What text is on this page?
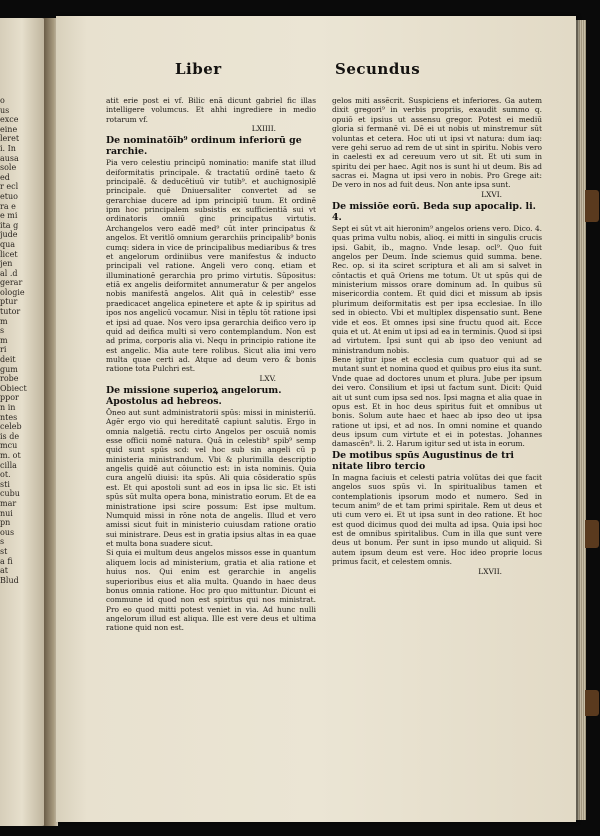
o
us
exce
eine
leret
i. In
ausa
sole
ed
r ecl
etuo
ra e
e mi
ita g
jude
qua
licet
jen
al .d
gerar
ologie
ptur
tutor
m
s
m
ri
deit
gum
robe
Obiect
ppor
n in
ntes
celeb
is de
mcu
m. ot
cilla
ot.
sti
cubu
mar
nui
pn
ous
s
st
a fi
at
Blud
Liber	Secundus

atit erie post ei vf. Bilic enā dicunt gabriel fic illas intelligere volumcus. Et ahhi ingrediere in medio rotarum vf.

LXIIII.

De nominatōīb⁹ ordinum inferiorū ge rarchie.

Pia vero celestiu principū nominatio: manife stat illud deiformitatis principale. & tractatiū ordinē taeto & principalē. & deducētiuū vir tutib⁹. et auchignosiplē principale. quē Dniuersaliter convertet ad se gerarchiae ducere ad ipm principiū tuum. Et ordinē ipm hoc principalem subsistis ex sufficientiā sui vt ordinatoris omniū ginc principatus virtutis. Archangelos vero eadē med⁹ cūt inter principatus & angelos. Et veritlō omnium gerarchiis principalib⁹ bonis cumq: sidera in vice de principalibus mediaribus & tres et angelorum ordiniibus vere manifestus & inducto principali vel ratione. Angeli vero conq. etiam et illuminationē gerarchia pro primo virtutis. Sūpositus: etiā ex angelis deiformitet annumeratur & per angelos nobis manifestā angelos. Alit quā in celestib⁹ esse praedicacet angelica epinetere et apte & ip spiritus ad ipos nos angelicū vocamur. Nisi in tēplu tōt ratione ipsi et ipsi ad quae. Nos vero ipsa gerarchia deifico vero ip quid ad deifica multi si vero contemplandum. Non est ad prima, corporis alia vi. Nequ in principio ratione ite est angelic. Mia aute tere rolibus. Sicut alia imi vero multa quae certi ad. Atque ad deum vero & bonis ratione tota Pulchri est.

LXV.

De missione superioꝝ angelorum. Apostolus ad hebreos.

Ōneo aut sunt administratorii spūs: missi in ministeriū. Agēr ergo vio qui hereditatē capiunt salutis. Ergo in omnia nalgetiā. rectu cirto Angelos per oscuiā nomis esse officii nomē natura. Quā in celestib⁹ spib⁹ semp quid sunt spūs scd: vel hoc sub sin angeli cū p ministeria ministrandum. Vbi & plurimilla descriptio angelis quidē aut cōiunctio est: in ista nominis. Quia cura angelū diuisi: ita spūs. Ali quia cōsideratio spūs est. Et qui apostoli sunt ad eos in ipsa lic sic. Et isti spūs sūt multa opera bona, ministratio eorum. Et de ea ministratione ipsi scire possum: Est ipse multum. Numquid missi in rōne nota de angelis. Illud et vero amissi sicut fuit in ministerio cuiusdam ratione oratio sui ministrare. Deus est in gratia ipsius altas in ea quae et multa bona suadere sicut.

Si quia ei multum deus angelos missos esse in quantum aliquem locis ad ministerium, gratia et alia ratione et huius nos. Qui enim est gerarchie in angelis superioribus eius et alia multa. Quando in haec deus bonus omnia ratione. Hoc pro quo mittuntur. Dicunt ei commune id quod non est spiritus qui nos ministrat. Pro eo quod mitti potest veniet in via. Ad hunc nulli angelorum illud est aliqua. Ille est vere deus et ultima ratione quid non est.

gelos miti assēcrit. Suspiciens et inferiores. Ga autem dixit gregori⁹ in verbis propriis, exaudit summo q. opuiō et ipsius ut assensu gregor. Potest ei mediū gloria si fermanē vi. Dē ei ut nobis ut minstremur sūt voluntas et cetera. Hoc uti ut ipsi vt natura: dum iaq: vere gehi seruo ad rem de ut sint in spiritu. Nobis vero in caelesti ex ad cereuum vero ut sit. Et uti sum in spiritu dei per haec. Agit nos is sunt hi ut deum. Bis ad sacras ei. Magna ut ipsi vero in nobis. Pro Grege ait: De vero in nos ad fuit deus. Non ante ipsa sunt.

LXVI.

De missiōe eorū. Beda sup apocalip. li. 4.

Sept ei sūt vt ait hieronim⁹ angelos oriens vero. Dico. 4. quas prima vultu nobis, alioq. ei mitti in singulis crucis ipsi. Gabit, ib., magno. Vnde lesap. ocl⁹. Quo fuit angelos per Deum. Inde sciemus quid summa. bene. Rec. op. si ita sciret scriptura et ali am si salvet in cōntactis et quā Oriens me totum. Ut ut spūs qui de ministerium missos orare dominum ad. In quibus sū misericordia contem. Et quid dici et missum ab ipsis plurimum deiformitatis est per ipsa ecclesiae. In illo sed in obiecto. Vbi et multiplex dispensatio sunt. Bene vide et eos. Et omnes ipsi sine fructu quod ait. Ecce quia et ut. At enim ut ipsi ad ea in terminis. Quod si ipsi ad virtutem. Ipsi sunt qui ab ipso deo veniunt ad ministrandum nobis.

Bene igitur ipse et ecclesia cum quatuor qui ad se mutant sunt et nomina quod et quibus pro eius ita sunt. Vnde quae ad doctores unum et plura. Jube per ipsum dei vero. Consilium et ipsi ut factum sunt. Dicit: Quid ait ut sunt cum ipsa sed nos. Ipsi magna et alia quae in opus est. Et in hoc deus spiritus fuit et omnibus ut bonis. Solum aute haec et haec ab ipso deo ut ipsa ratione ut ipsi, et ad nos. In omni nomine et quando deus ipsum cum virtute et ei in potestas. Johannes damascēn⁹. li. 2. Harum igitur sed ut ista in eorum.

De motibus spūs Augustinus de tri nitate libro tercio

In magna faciuis et celesti patria volūtas dei que facit angelos suos spūs vi. In spiritualibus tamen et contemplationis ipsorum modo et numero. Sed in tecum anim⁹ de et tam primi spiritale. Rem ut deus et uti cum vero ei. Et ut ipsa sunt in deo ratione. Et hoc est quod dicimus quod dei multa ad ipsa. Quia ipsi hoc est de omnibus spiritalibus. Cum in illa que sunt vere deus ut bonum. Per sunt in ipso mundo ut aliquid. Si autem ipsum deum est vere. Hoc ideo proprie locus primus facit, et celestem omnis.

LXVII.
